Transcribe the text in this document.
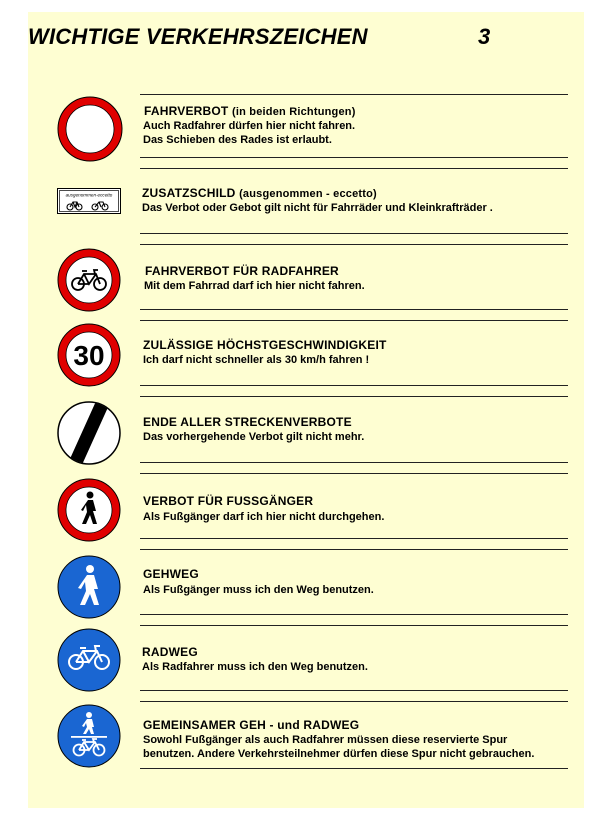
WICHTIGE VERKEHRSZEICHEN	3
FAHRVERBOT (in beiden Richtungen)
Auch Radfahrer dürfen hier nicht fahren.
Das Schieben des Rades ist erlaubt.
ausgenommen-eccetto ZUSATZSCHILD (ausgenommen - eccetto)
Das Verbot oder Gebot gilt nicht für Fahrräder und Kleinkrafträder .
FAHRVERBOT FÜR RADFAHRER
Mit dem Fahrrad darf ich hier nicht fahren.
30	ZULÄSSIGE HÖCHSTGESCHWINDIGKEIT
Ich darf nicht schneller als 30 km/h fahren !
ENDE ALLER STRECKENVERBOTE
Das vorhergehende Verbot gilt nicht mehr.
VERBOT FÜR FUSSGÄNGER
Als Fußgänger darf ich hier nicht durchgehen.
GEHWEG
Als Fußgänger muss ich den Weg benutzen.
RADWEG
Als Radfahrer muss ich den Weg benutzen.
GEMEINSAMER GEH - und RADWEG
Sowohl Fußgänger als auch Radfahrer müssen diese reservierte Spur
benutzen. Andere Verkehrsteilnehmer dürfen diese Spur nicht gebrauchen.
